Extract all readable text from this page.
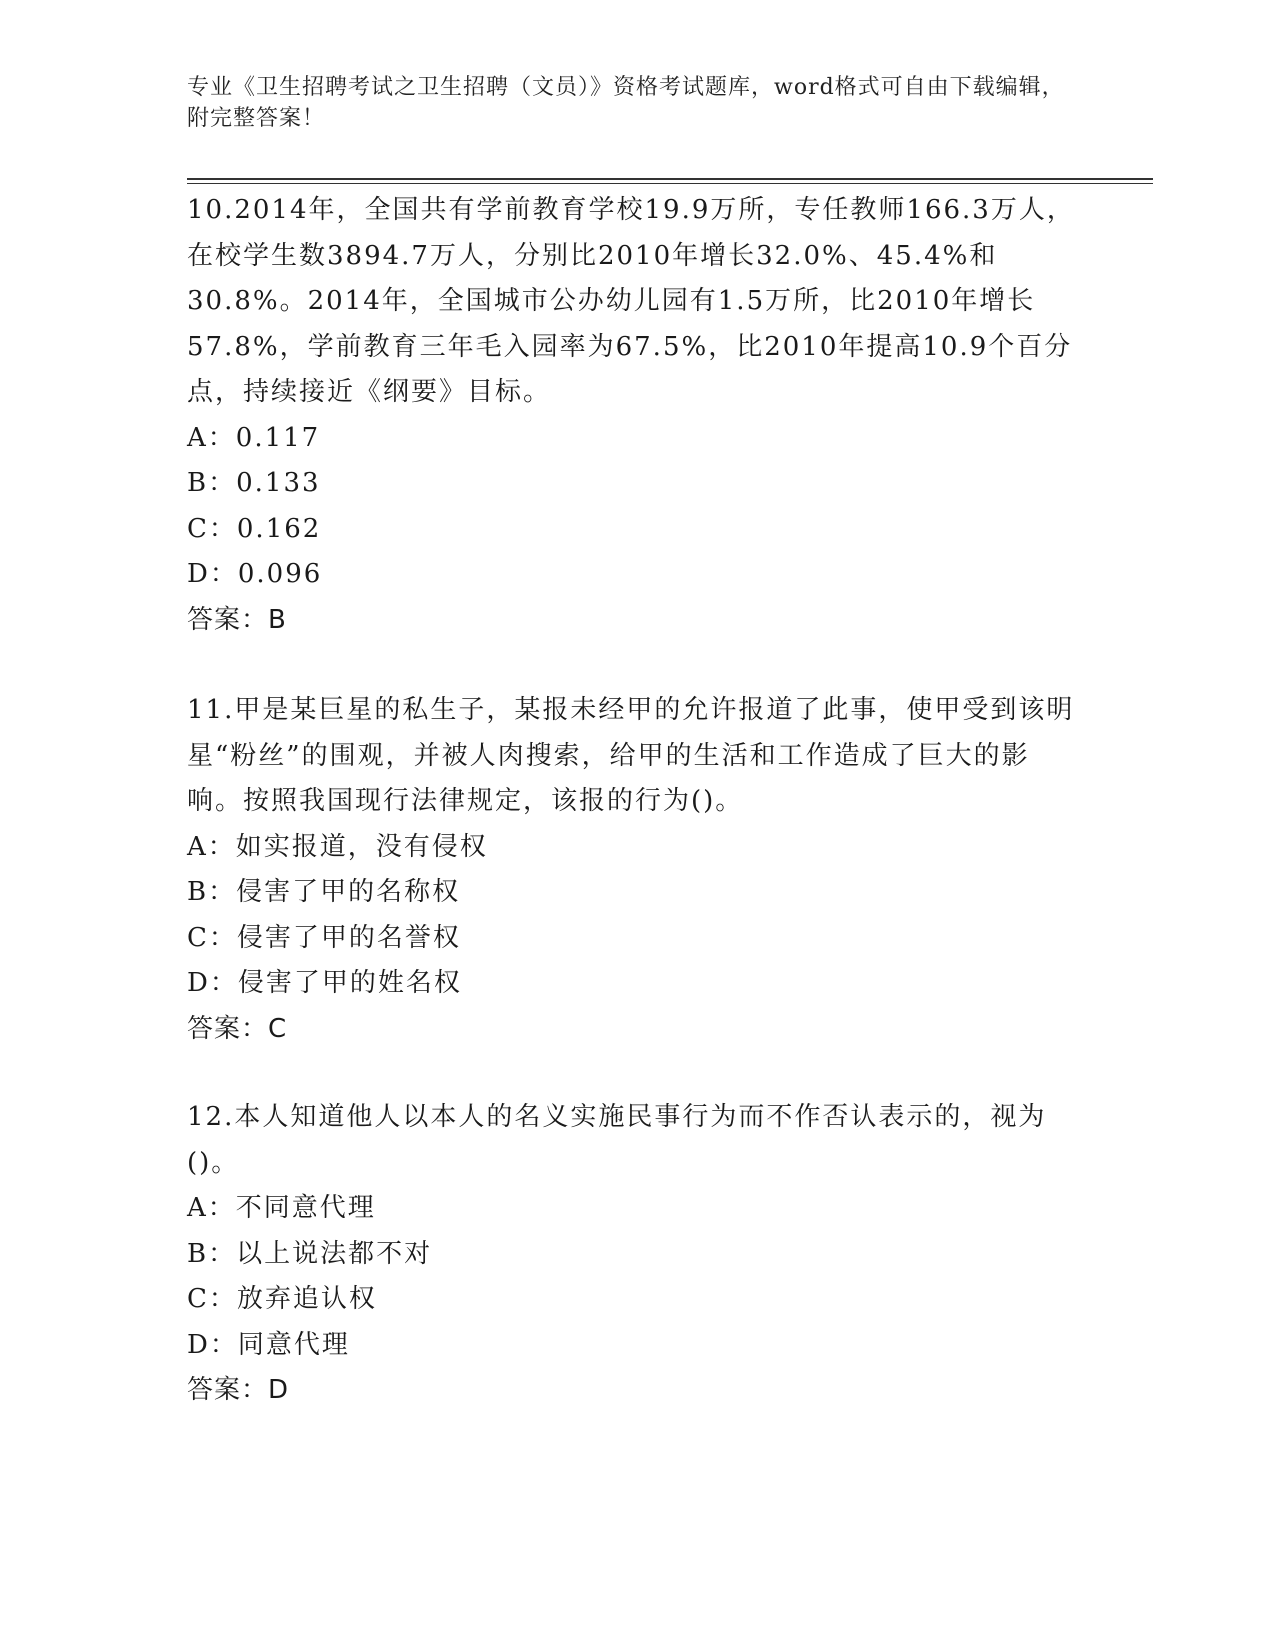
专业《卫生招聘考试之卫生招聘（文员）》资格考试题库，word格式可自由下载编辑，附完整答案！

10.2014年，全国共有学前教育学校19.9万所，专任教师166.3万人，在校学生数3894.7万人，分别比2010年增长32.0%、45.4%和30.8%。2014年，全国城市公办幼儿园有1.5万所，比2010年增长57.8%，学前教育三年毛入园率为67.5%，比2010年提高10.9个百分点，持续接近《纲要》目标。

A：0.117

B：0.133

C：0.162

D：0.096

答案：B

11.甲是某巨星的私生子，某报未经甲的允许报道了此事，使甲受到该明星“粉丝”的围观，并被人肉搜索，给甲的生活和工作造成了巨大的影响。按照我国现行法律规定，该报的行为()。

A：如实报道，没有侵权

B：侵害了甲的名称权

C：侵害了甲的名誉权

D：侵害了甲的姓名权

答案：C

12.本人知道他人以本人的名义实施民事行为而不作否认表示的，视为()。

A：不同意代理

B：以上说法都不对

C：放弃追认权

D：同意代理

答案：D
